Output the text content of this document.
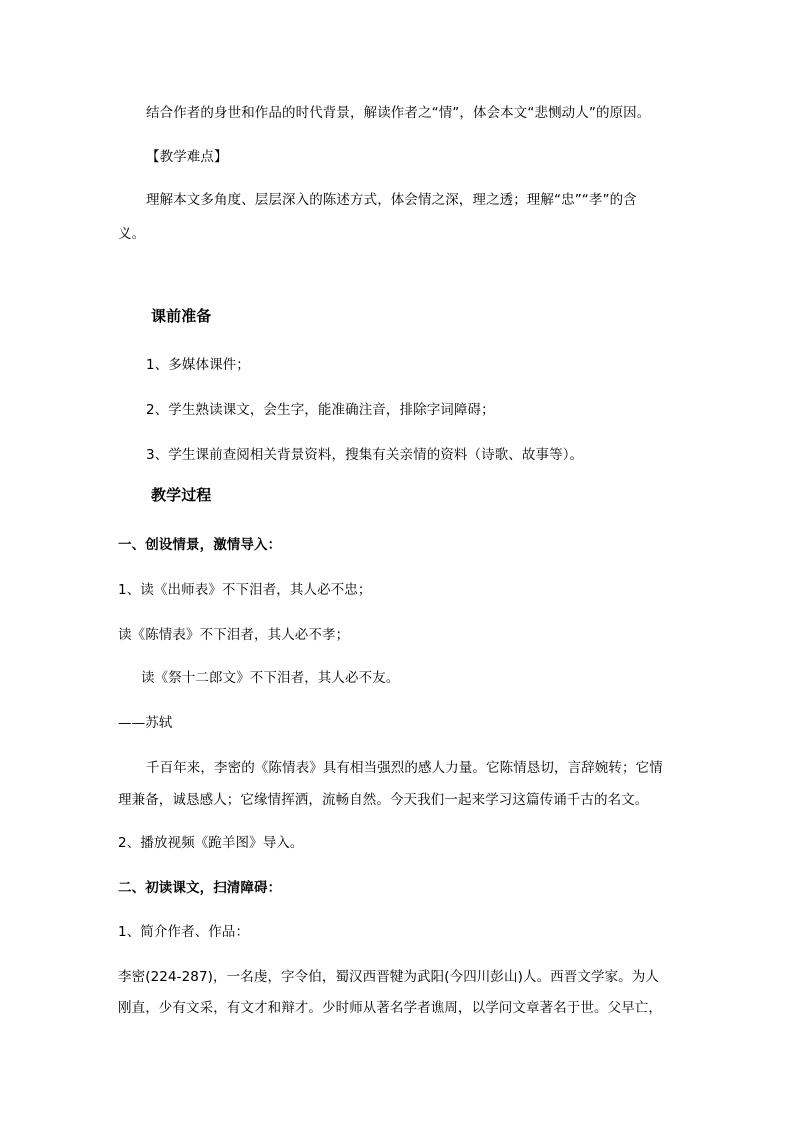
结合作者的身世和作品的时代背景，解读作者之“情”，体会本文“悲恻动人”的原因。
【教学难点】
理解本文多角度、层层深入的陈述方式，体会情之深，理之透；理解“忠”“孝”的含
义。
课前准备
1、多媒体课件；
2、学生熟读课文，会生字，能准确注音，排除字词障碍；
3、学生课前查阅相关背景资料，搜集有关亲情的资料（诗歌、故事等）。
教学过程
一、创设情景，激情导入：
1、读《出师表》不下泪者，其人必不忠；
读《陈情表》不下泪者，其人必不孝；
读《祭十二郎文》不下泪者，其人必不友。
——苏轼
千百年来，李密的《陈情表》具有相当强烈的感人力量。它陈情恳切，言辞婉转；它情
理兼备，诚恳感人；它缘情挥洒，流畅自然。今天我们一起来学习这篇传诵千古的名文。
2、播放视频《跪羊图》导入。
二、初读课文，扫清障碍：
1、简介作者、作品：
李密(224-287)，一名虔，字令伯，蜀汉西晋犍为武阳(今四川彭山)人。西晋文学家。为人
刚直，少有文采，有文才和辩才。少时师从著名学者谯周，以学问文章著名于世。父早亡，
